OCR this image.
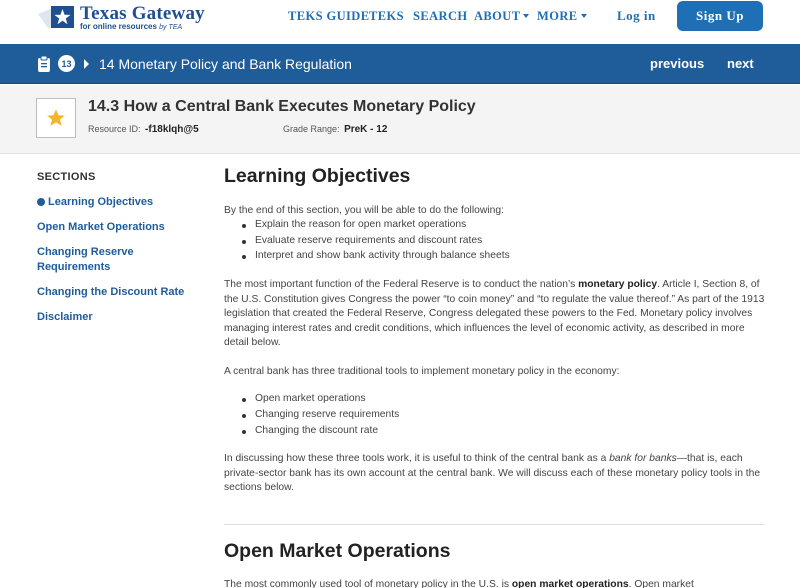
Texas Gateway
for online resources by TEA
TEKS GUIDE TEKS SEARCH ABOUT	MORE	Log in	Sign Up
13 14 Monetary Policy and Bank Regulation	previous next
14.3 How a Central Bank Executes Monetary Policy
Resource ID: -f18klqh@5	Grade Range: PreK - 12
SECTIONS
Learning Objectives
Open Market Operations
Changing Reserve Requirements
Changing the Discount Rate
Disclaimer
Learning Objectives

By the end of this section, you will be able to do the following:

Explain the reason for open market operations
Evaluate reserve requirements and discount rates
Interpret and show bank activity through balance sheets

The most important function of the Federal Reserve is to conduct the nation’s monetary policy. Article I, Section 8, of the U.S. Constitution gives Congress the power “to coin money” and “to regulate the value thereof.” As part of the 1913 legislation that created the Federal Reserve, Congress delegated these powers to the Fed. Monetary policy involves managing interest rates and credit conditions, which influences the level of economic activity, as described in more detail below.

A central bank has three traditional tools to implement monetary policy in the economy:

Open market operations
Changing reserve requirements
Changing the discount rate

In discussing how these three tools work, it is useful to think of the central bank as a bank for banks—that is, each private-sector bank has its own account at the central bank. We will discuss each of these monetary policy tools in the sections below.

Open Market Operations

The most commonly used tool of monetary policy in the U.S. is open market operations. Open market
